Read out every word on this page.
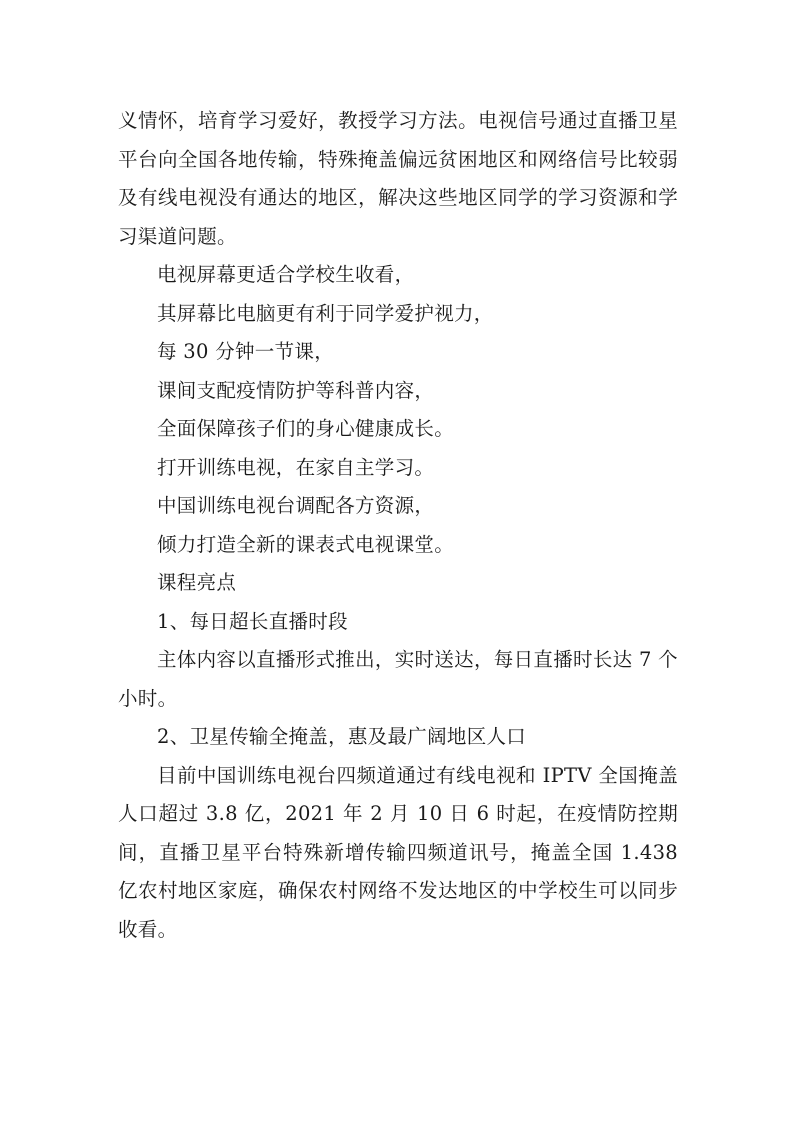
义情怀，培育学习爱好，教授学习方法。电视信号通过直播卫星平台向全国各地传输，特殊掩盖偏远贫困地区和网络信号比较弱及有线电视没有通达的地区，解决这些地区同学的学习资源和学习渠道问题。

电视屏幕更适合学校生收看，

其屏幕比电脑更有利于同学爱护视力，

每 30 分钟一节课，

课间支配疫情防护等科普内容，

全面保障孩子们的身心健康成长。

打开训练电视，在家自主学习。

中国训练电视台调配各方资源，

倾力打造全新的课表式电视课堂。

课程亮点

1、每日超长直播时段

主体内容以直播形式推出，实时送达，每日直播时长达 7 个小时。

2、卫星传输全掩盖，惠及最广阔地区人口

目前中国训练电视台四频道通过有线电视和 IPTV 全国掩盖人口超过 3.8 亿，2021 年 2 月 10 日 6 时起，在疫情防控期间，直播卫星平台特殊新增传输四频道讯号，掩盖全国 1.438 亿农村地区家庭，确保农村网络不发达地区的中学校生可以同步收看。
